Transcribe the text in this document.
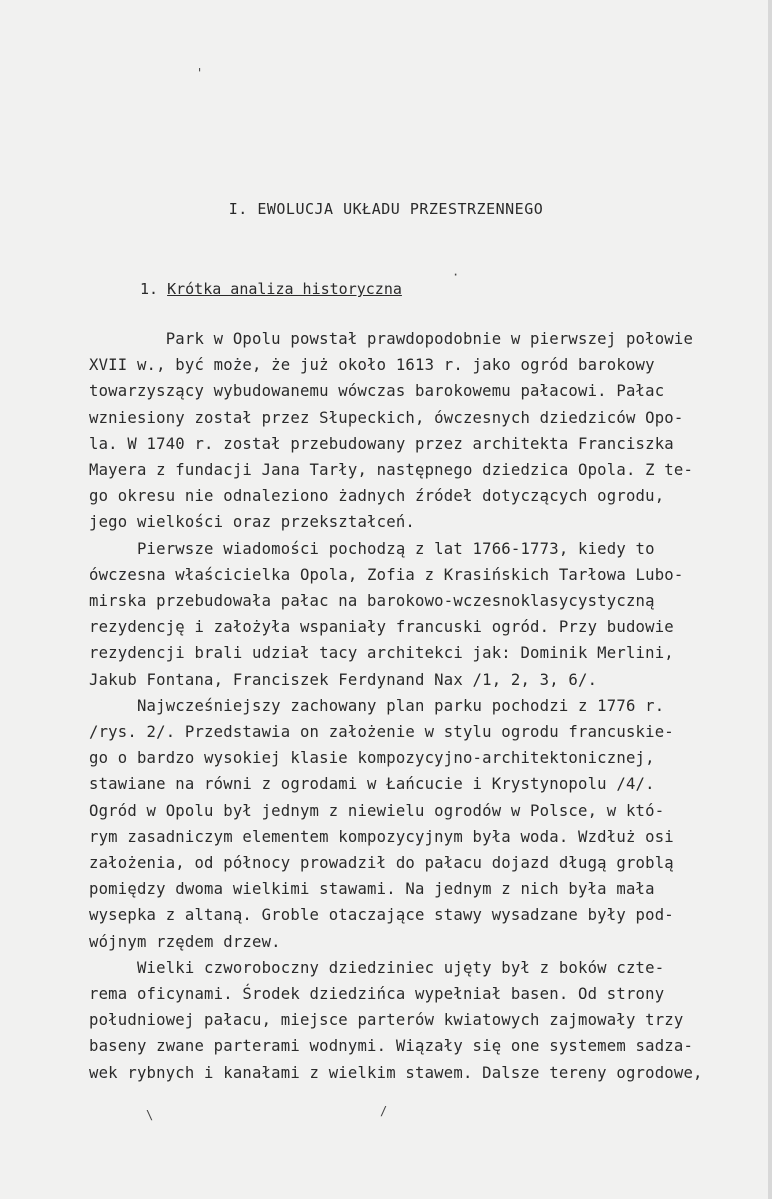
'
·
I. EWOLUCJA UKŁADU PRZESTRZENNEGO
1. Krótka analiza historyczna
Park w Opolu powstał prawdopodobnie w pierwszej połowie
XVII w., być może, że już około 1613 r. jako ogród barokowy
towarzyszący wybudowanemu wówczas barokowemu pałacowi. Pałac
wzniesiony został przez Słupeckich, ówczesnych dziedziców Opo-
la. W 1740 r. został przebudowany przez architekta Franciszka
Mayera z fundacji Jana Tarły, następnego dziedzica Opola. Z te-
go okresu nie odnaleziono żadnych źródeł dotyczących ogrodu,
jego wielkości oraz przekształceń.
Pierwsze wiadomości pochodzą z lat 1766-1773, kiedy to
ówczesna właścicielka Opola, Zofia z Krasińskich Tarłowa Lubo-
mirska przebudowała pałac na barokowo-wczesnoklasycystyczną
rezydencję i założyła wspaniały francuski ogród. Przy budowie
rezydencji brali udział tacy architekci jak: Dominik Merlini,
Jakub Fontana, Franciszek Ferdynand Nax /1, 2, 3, 6/.
Najwcześniejszy zachowany plan parku pochodzi z 1776 r.
/rys. 2/. Przedstawia on założenie w stylu ogrodu francuskie-
go o bardzo wysokiej klasie kompozycyjno-architektonicznej,
stawiane na równi z ogrodami w Łańcucie i Krystynopolu /4/.
Ogród w Opolu był jednym z niewielu ogrodów w Polsce, w któ-
rym zasadniczym elementem kompozycyjnym była woda. Wzdłuż osi
założenia, od północy prowadził do pałacu dojazd długą groblą
pomiędzy dwoma wielkimi stawami. Na jednym z nich była mała
wysepka z altaną. Groble otaczające stawy wysadzane były pod-
wójnym rzędem drzew.
Wielki czworoboczny dziedziniec ujęty był z boków czte-
rema oficynami. Środek dziedzińca wypełniał basen. Od strony
południowej pałacu, miejsce parterów kwiatowych zajmowały trzy
baseny zwane parterami wodnymi. Wiązały się one systemem sadza-
wek rybnych i kanałami z wielkim stawem. Dalsze tereny ogrodowe,
\	/
